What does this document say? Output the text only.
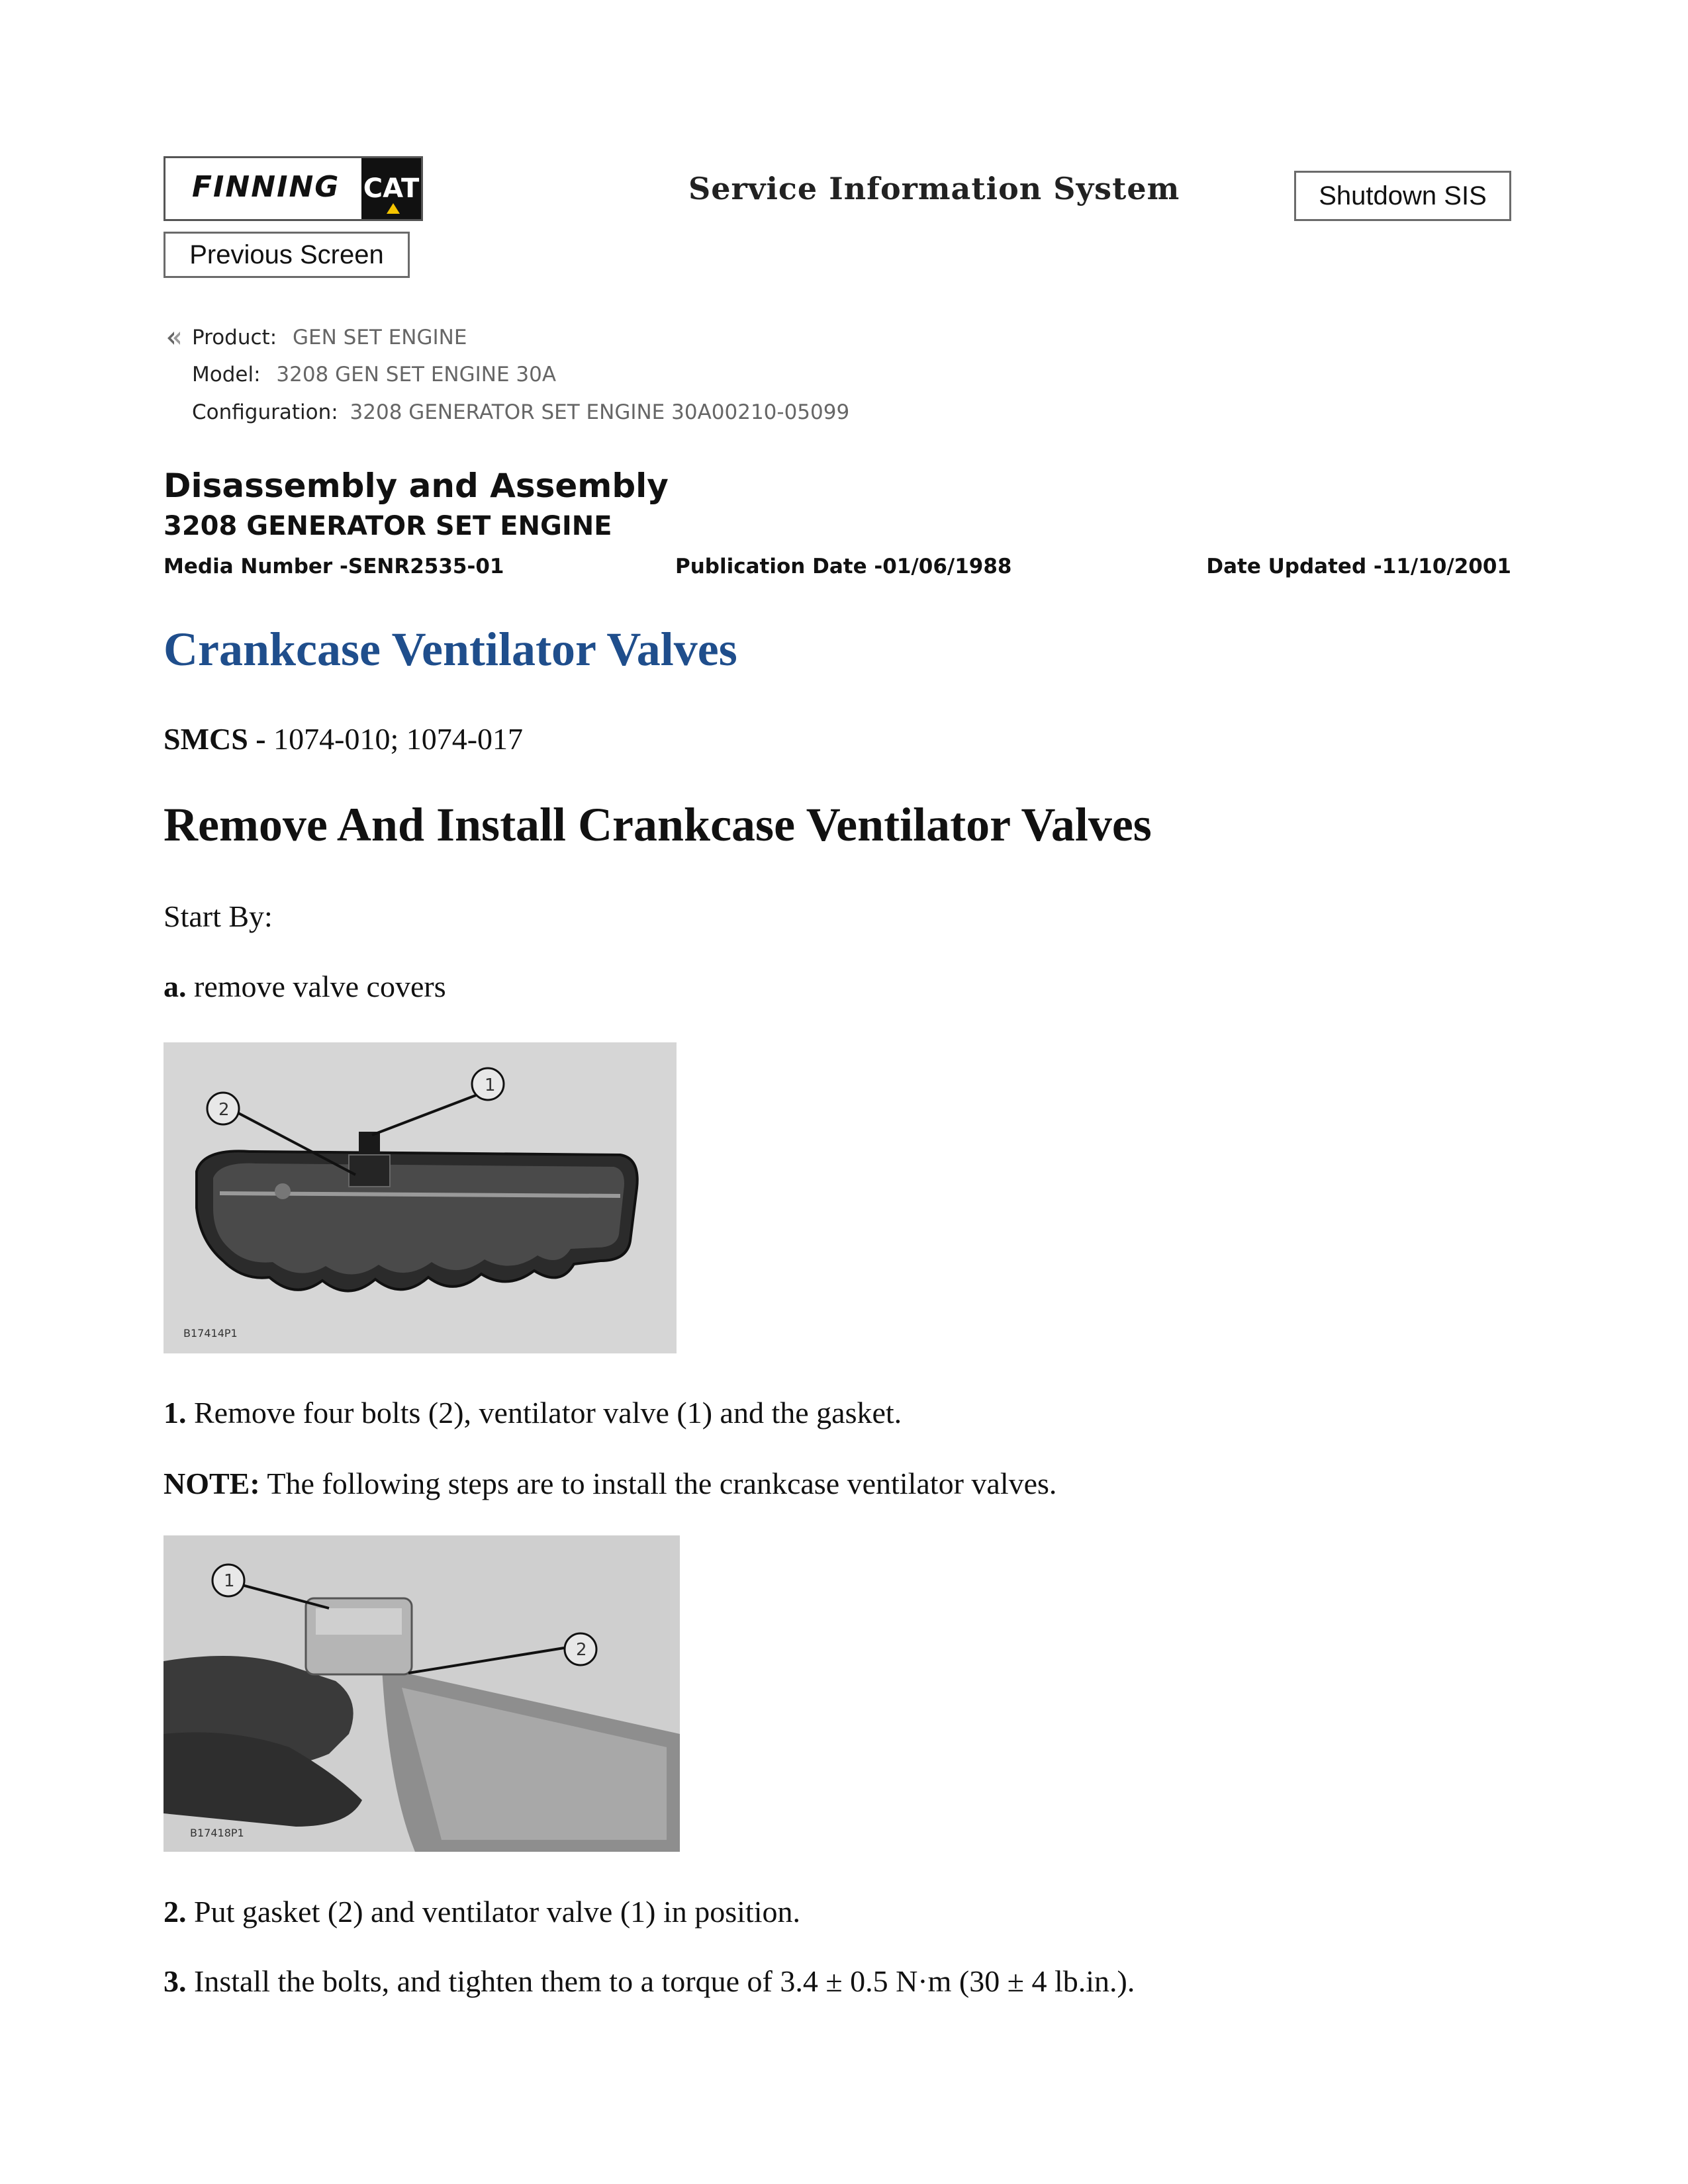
FINNING CAT	Service Information System	Shutdown SIS
Previous Screen
Product: GEN SET ENGINE
Model: 3208 GEN SET ENGINE 30A
Configuration: 3208 GENERATOR SET ENGINE 30A00210-05099
Disassembly and Assembly
3208 GENERATOR SET ENGINE
Media Number -SENR2535-01	Publication Date -01/06/1988	Date Updated -11/10/2001
Crankcase Ventilator Valves
SMCS - 1074-010; 1074-017
Remove And Install Crankcase Ventilator Valves
Start By:
a. remove valve covers
1
2
B17414P1
1. Remove four bolts (2), ventilator valve (1) and the gasket.
NOTE: The following steps are to install the crankcase ventilator valves.
1
2
B17418P1
2. Put gasket (2) and ventilator valve (1) in position.
3. Install the bolts, and tighten them to a torque of 3.4 ± 0.5 N·m (30 ± 4 lb.in.).
